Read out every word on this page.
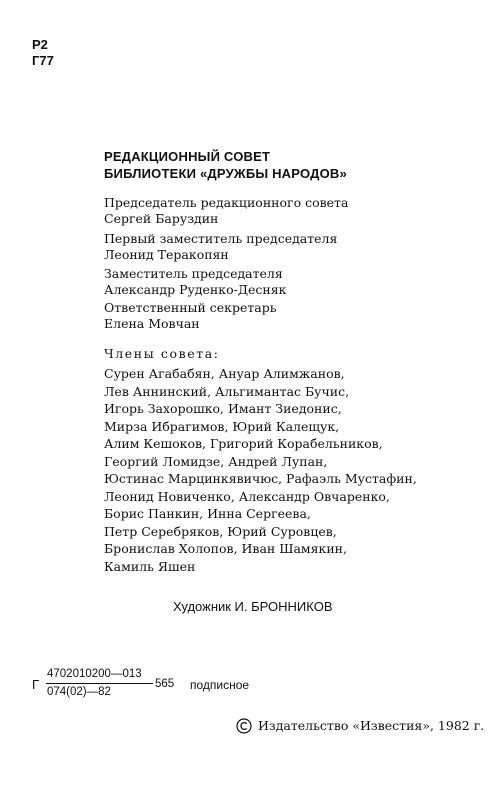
Р2
Г77
РЕДАКЦИОННЫЙ СОВЕТ
БИБЛИОТЕКИ «ДРУЖБЫ НАРОДОВ»
Председатель редакционного совета
Сергей Баруздин
Первый заместитель председателя
Леонид Теракопян
Заместитель председателя
Александр Руденко-Десняк
Ответственный секретарь
Елена Мовчан
Члены совета:
Сурен Агабабян, Ануар Алимжанов,
Лев Аннинский, Альгимантас Бучис,
Игорь Захорошко, Имант Зиедонис,
Мирза Ибрагимов, Юрий Калещук,
Алим Кешоков, Григорий Корабельников,
Георгий Ломидзе, Андрей Лупан,
Юстинас Марцинкявичюс, Рафаэль Мустафин,
Леонид Новиченко, Александр Овчаренко,
Борис Панкин, Инна Сергеева,
Петр Серебряков, Юрий Суровцев,
Бронислав Холопов, Иван Шамякин,
Камиль Яшен
Художник И. БРОННИКОВ
Г
4702010200—013
074(02)—82
565 подписное
Издательство «Известия», 1982 г.
